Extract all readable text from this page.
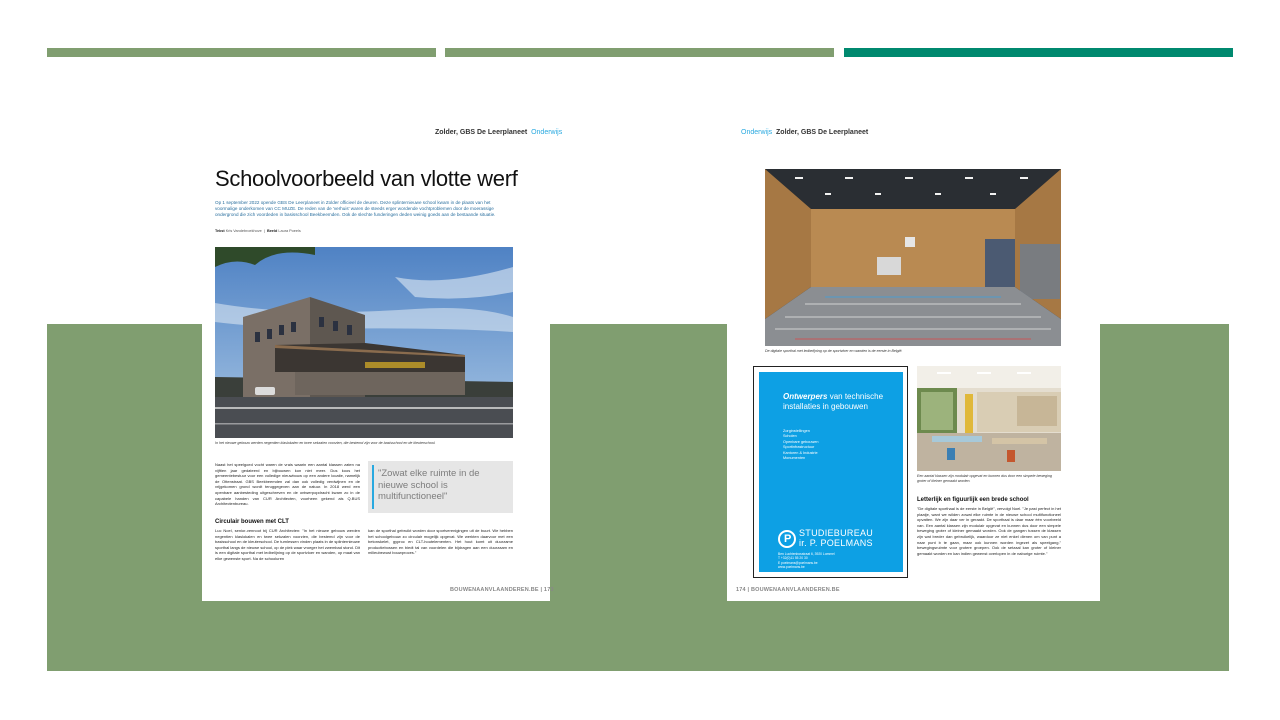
Zolder, GBS De Leerplaneet Onderwijs
Schoolvoorbeeld van vlotte werf
Op 1 september 2022 opende GBS De Leerplaneet in Zolder officieel de deuren. Deze splinternieuwe school kwam in de plaats van het voormalige onderkomen van CC MUZE. De reden van de 'verhuis' waren de steeds erger wordende vochtproblemen door de moerassige ondergrond die zich voordeden in basisschool Beekbeemden. Ook de slechte funderingen deden weinig goeds aan de bestaande situatie.
Tekst Kris Vandebroekhove  |  Beeld Laura Poeels
In het nieuwe gebouw werden negentien klaslokalen en twee sekzalen voorzien, die bestemd zijn voor de basisschool en de kleuterschool.
Naast het speelgoed vocht waren de vrais waarin een aantal klassen zaten na vijftien jaar gedateerd en bijbouwen kon niet meer. Dus koos het gemeentebestuur voor een volledige nieuwbouw op een andere locatie, namelijk de Ottenstraat. GBS Beekbeemden zal dan ook volledig verdwijnen en de vrijgekomen grond wordt teruggegeven aan de natuur. In 2018 werd een openbare aanbesteding uitgeschreven en de ontwerpopdracht kwam zo in de capabele handen van CUR Architecten, voorheen gekend als Q.BUS Architectenbureau.
"Zowat elke ruimte in de nieuwe school is multifunctioneel"
Circulair bouwen met CLT
Luc Noel, senior-vennoot bij CUR Architecten: "In het nieuwe gebouw werden negentien klaslokalen en twee sekzalen voorzien, die bestemd zijn voor de basisschool en de kleuterschool. De turnlessen vinden plaats in de splinternieuwe sporthal langs de nieuwe school, op de plek waar vroeger het zwembad stond. Dit is een digitale sporthal met ledbelijning op de sportvloer en wanden, op maat van elke gewenste sport. Na de schooluren
kan de sporthal gebruikt worden door sportverenigingen uit de buurt. We hebben het schoolgebouw zo circulair mogelijk opgevat. We werkten daarvoor met een betonskelet, gyproc en CLT-houtelementen. Het hout komt uit duurzame productiebossen en biedt tal van voordelen die bijdragen aan een duurzaam en milieubewust bouwproces."
BOUWENAANVLAANDEREN.BE | 173
Onderwijs Zolder, GBS De Leerplaneet
De digitale sporthal met ledbelijning op de sportvloer en wanden is de eerste in België.
Ontwerpers van technische installaties in gebouwen
Zorginstellingen
Scholen
Openbare gebouwen
Sportinfrastructuur
Kantoren & Industrie
Monumenten
P STUDIEBUREAU
ir. P. POELMANS
Ben Luchtenbosstraat 6, 3920 Lommel
T +32(0)11 55 20 30
E poelmans@poelmans.be
www.poelmans.be
Een aantal klassen zijn modulair opgevat en kunnen dus door een simpele beweging groter of kleiner gemaakt worden.
Letterlijk en figuurlijk een brede school
"De digitale sporthaal is de eerste in België", vervolgt Noel. "Je past perfect in het plaatje, want we wilden zowat elke ruimte in de nieuwe school multifunctioneel opvatten. We zijn daar ver in geraakt. De sporthaal is daar maar één voorbeeld van. Een aantal klassen zijn modulair opgevat en kunnen dus door een simpele beweging groter of kleiner gemaakt worden. Ook de gangen tussen de klassen zijn wat breder dan gebruikelijk, waardoor ze niet enkel dienen om van punt a naar punt b te gaan, maar ook kunnen worden ingezet als speelgang." bewegingsruimte voor grotere groepen. Ook de setzaal kan groter of kleiner gemaakt worden en kan indien gewenst overlopen in de naburige ruimte."
174 | BOUWENAANVLAANDEREN.BE
